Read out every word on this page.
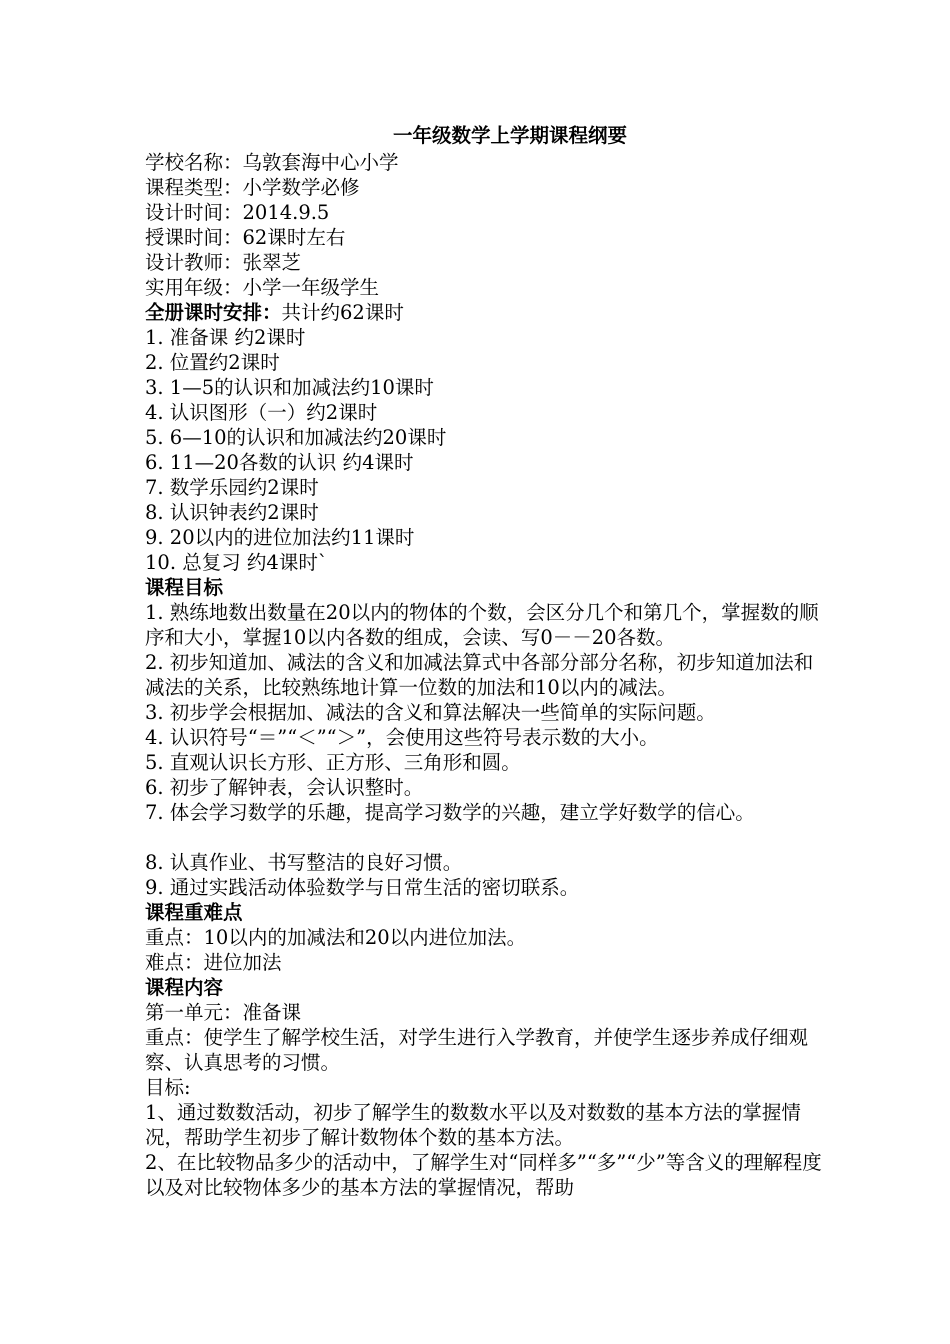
一年级数学上学期课程纲要
学校名称：乌敦套海中心小学
课程类型：小学数学必修
设计时间：2014.9.5
授课时间：62课时左右
设计教师：张翠芝
实用年级：小学一年级学生
全册课时安排：共计约62课时
1. 准备课 约2课时
2. 位置约2课时
3. 1—5的认识和加减法约10课时
4. 认识图形（一）约2课时
5. 6—10的认识和加减法约20课时
6. 11—20各数的认识 约4课时
7. 数学乐园约2课时
8. 认识钟表约2课时
9. 20以内的进位加法约11课时
10. 总复习 约4课时`
课程目标
1. 熟练地数出数量在20以内的物体的个数，会区分几个和第几个，掌握数的顺序和大小，掌握10以内各数的组成，会读、写0－－20各数。
2. 初步知道加、减法的含义和加减法算式中各部分部分名称，初步知道加法和减法的关系，比较熟练地计算一位数的加法和10以内的减法。
3. 初步学会根据加、减法的含义和算法解决一些简单的实际问题。
4. 认识符号“＝”“＜”“＞”，会使用这些符号表示数的大小。
5. 直观认识长方形、正方形、三角形和圆。
6. 初步了解钟表，会认识整时。
7. 体会学习数学的乐趣，提高学习数学的兴趣，建立学好数学的信心。
8. 认真作业、书写整洁的良好习惯。
9. 通过实践活动体验数学与日常生活的密切联系。
课程重难点
重点：10以内的加减法和20以内进位加法。
难点：进位加法
课程内容
第一单元：准备课
重点：使学生了解学校生活，对学生进行入学教育，并使学生逐步养成仔细观察、认真思考的习惯。
目标:
1、通过数数活动，初步了解学生的数数水平以及对数数的基本方法的掌握情况，帮助学生初步了解计数物体个数的基本方法。
2、在比较物品多少的活动中，了解学生对“同样多”“多”“少”等含义的理解程度以及对比较物体多少的基本方法的掌握情况，帮助
